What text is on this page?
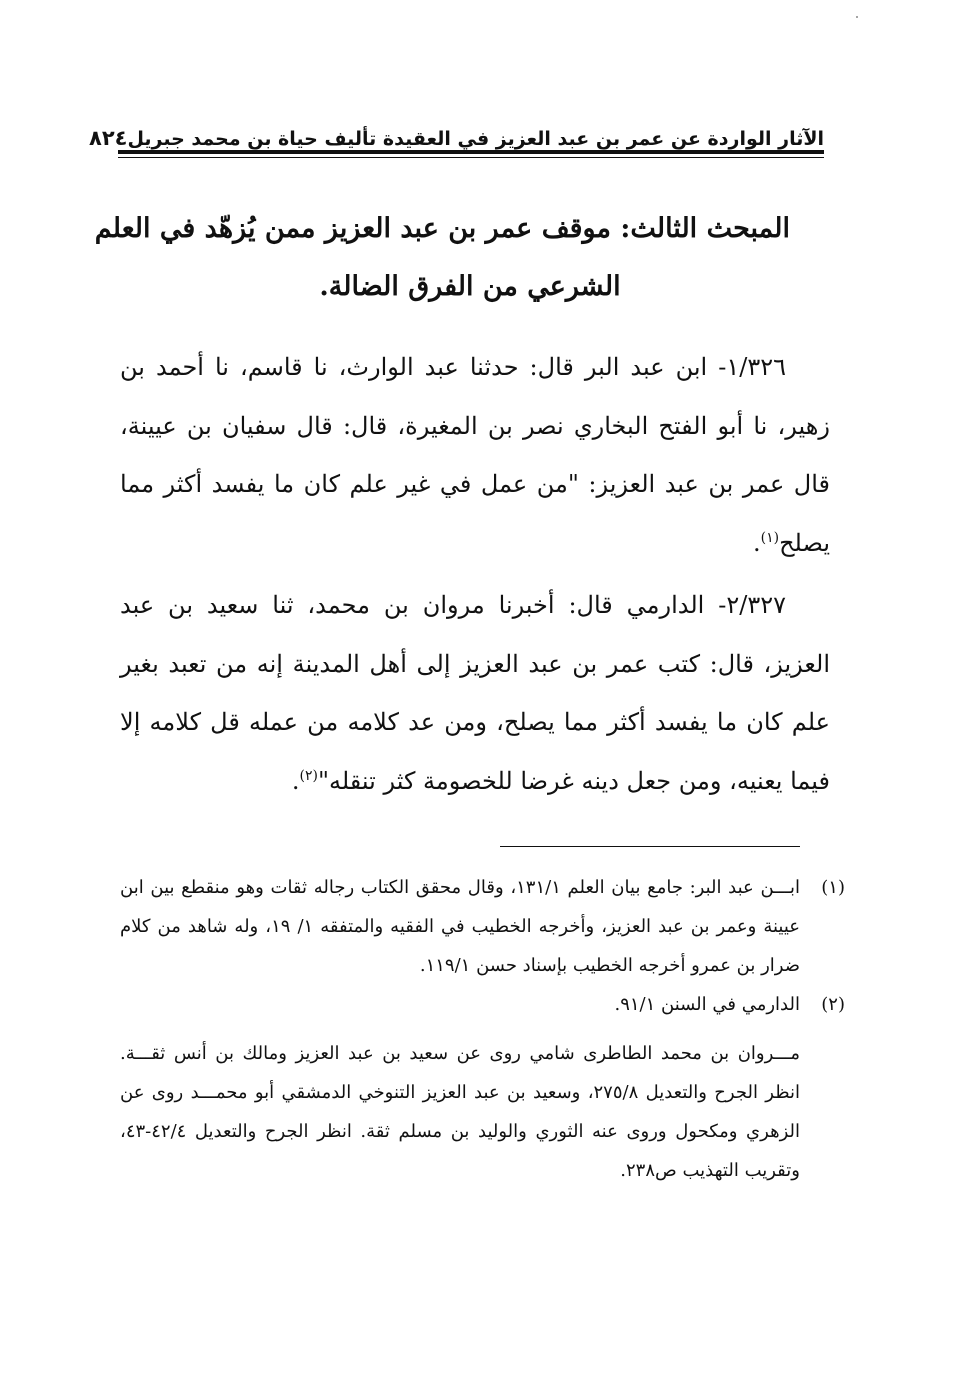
الآثار الواردة عن عمر بن عبد العزيز في العقيدة تأليف حياة بن محمد جبريل
٨٢٤
المبحث الثالث: موقف عمر بن عبد العزيز ممن يُزهّد في العلم
الشرعي من الفرق الضالة.

١/٣٢٦- ابن عبد البر قال: حدثنا عبد الوارث، نا قاسم، نا أحمد بن زهير، نا أبو الفتح البخاري نصر بن المغيرة، قال: قال سفيان بن عيينة، قال عمر بن عبد العزيز: "من عمل في غير علم كان ما يفسد أكثر مما يصلح$^{(١)}$.

٢/٣٢٧- الدارمي قال: أخبرنا مروان بن محمد، ثنا سعيد بن عبد العزيز، قال: كتب عمر بن عبد العزيز إلى أهل المدينة إنه من تعبد بغير علم كان ما يفسد أكثر مما يصلح، ومن عد كلامه من عمله قل كلامه إلا فيما يعنيه، ومن جعل دينه غرضا للخصومة كثر تنقله"$^{(٢)}$.

(١)
ابـــن عبد البر: جامع بيان العلم ١٣١/١، وقال محقق الكتاب رجاله ثقات وهو منقطع بين ابن عيينة وعمر بن عبد العزيز، وأخرجه الخطيب في الفقيه والمتفقه ١/ ١٩، وله شاهد من كلام ضرار بن عمرو أخرجه الخطيب بإسناد حسن ١١٩/١.
(٢)
الدارمي في السنن ٩١/١.
مـــروان بن محمد الطاطرى شامي روى عن سعيد بن عبد العزيز ومالك بن أنس ثقـــة. انظر الجرح والتعديل ٢٧٥/٨، وسعيد بن عبد العزيز التنوخي الدمشقي أبو محمـــد روى عن الزهري ومكحول وروى عنه الثوري والوليد بن مسلم ثقة. انظر الجرح والتعديل ٤٢/٤-٤٣، وتقريب التهذيب ص٢٣٨.
